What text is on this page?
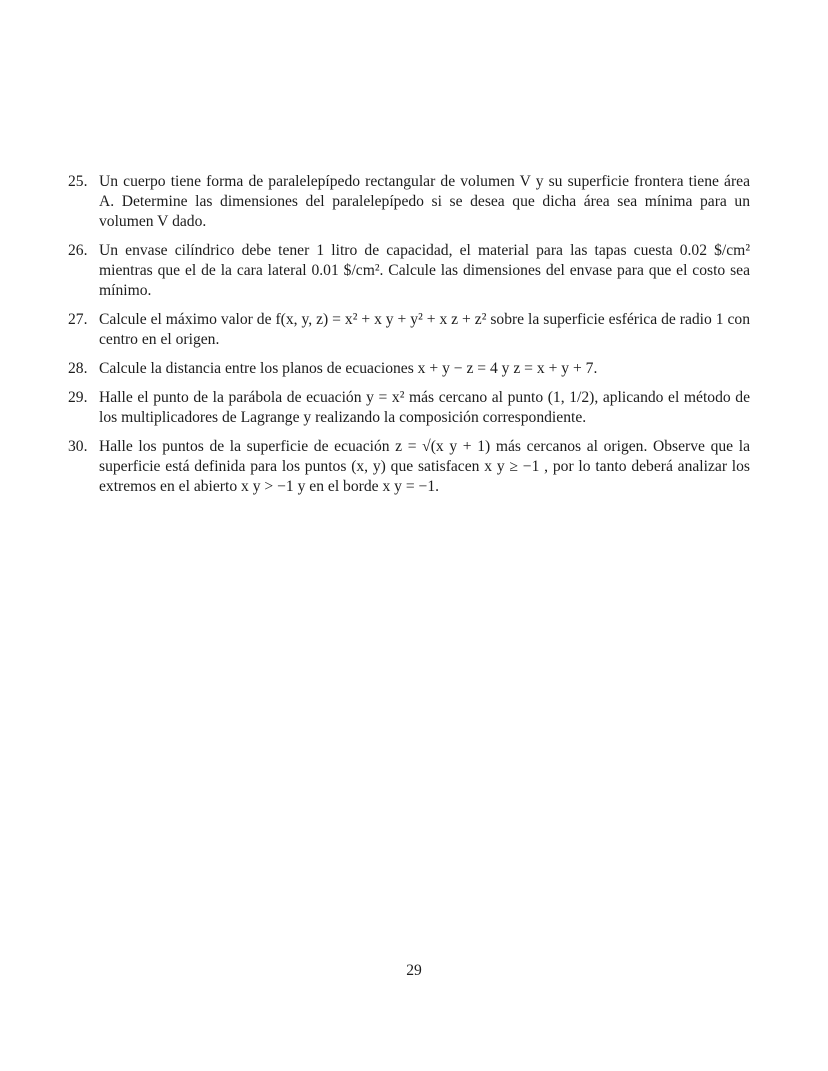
25. Un cuerpo tiene forma de paralelepípedo rectangular de volumen V y su superficie frontera tiene área A. Determine las dimensiones del paralelepípedo si se desea que dicha área sea mínima para un volumen V dado.
26. Un envase cilíndrico debe tener 1 litro de capacidad, el material para las tapas cuesta 0.02 $/cm² mientras que el de la cara lateral 0.01 $/cm². Calcule las dimensiones del envase para que el costo sea mínimo.
27. Calcule el máximo valor de f(x, y, z) = x² + x y + y² + x z + z² sobre la superficie esférica de radio 1 con centro en el origen.
28. Calcule la distancia entre los planos de ecuaciones x + y − z = 4 y z = x + y + 7.
29. Halle el punto de la parábola de ecuación y = x² más cercano al punto (1, 1/2), aplicando el método de los multiplicadores de Lagrange y realizando la composición correspondiente.
30. Halle los puntos de la superficie de ecuación z = √(x y + 1) más cercanos al origen. Observe que la superficie está definida para los puntos (x, y) que satisfacen x y ≥ −1 , por lo tanto deberá analizar los extremos en el abierto x y > −1 y en el borde x y = −1.
29
